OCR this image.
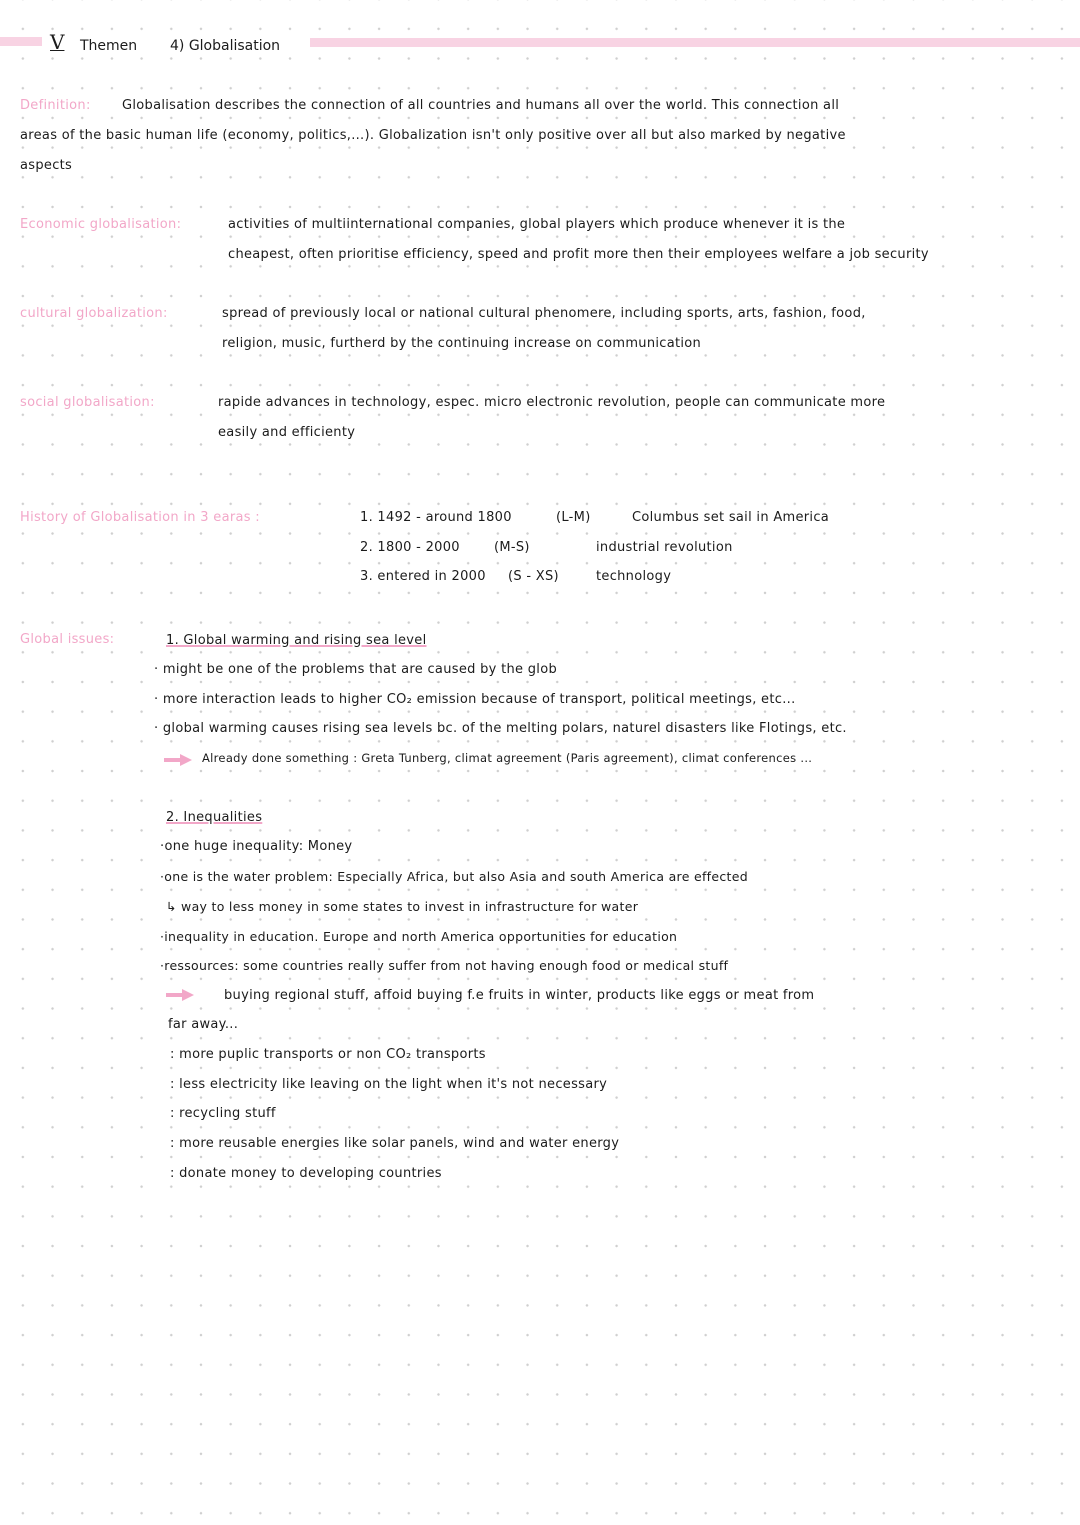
V Themen 4) Globalisation
Definition: Globalisation describes the connection of all countries and humans all over the world. This connection all
areas of the basic human life (economy, politics,...). Globalization isn't only positive over all but also marked by negative
aspects
Economic globalisation:	activities of multiinternational companies, global players which produce whenever it is the
cheapest, often prioritise efficiency, speed and profit more then their employees welfare a job security
cultural globalization:	spread of previously local or national cultural phenomere, including sports, arts, fashion, food,
religion, music, furtherd by the continuing increase on communication
social globalisation:	rapide advances in technology, espec. micro electronic revolution, people can communicate more
easily and efficienty
History of Globalisation in 3 earas :	1. 1492 - around 1800	(L-M)	Columbus set sail in America
2. 1800 - 2000	(M-S)	industrial revolution
3. entered in 2000 (S - XS)	technology
Global issues:	1. Global warming and rising sea level
· might be one of the problems that are caused by the glob
· more interaction leads to higher CO₂ emission because of transport, political meetings, etc...
· global warming causes rising sea levels bc. of the melting polars, naturel disasters like Flotings, etc.
Already done something : Greta Tunberg, climat agreement (Paris agreement), climat conferences ...
2. Inequalities
·one huge inequality: Money
·one is the water problem: Especially Africa, but also Asia and south America are effected
↳ way to less money in some states to invest in infrastructure for water
·inequality in education. Europe and north America opportunities for education
·ressources: some countries really suffer from not having enough food or medical stuff
buying regional stuff, affoid buying f.e fruits in winter, products like eggs or meat from
far away...
: more puplic transports or non CO₂ transports
: less electricity like leaving on the light when it's not necessary
: recycling stuff
: more reusable energies like solar panels, wind and water energy
: donate money to developing countries
